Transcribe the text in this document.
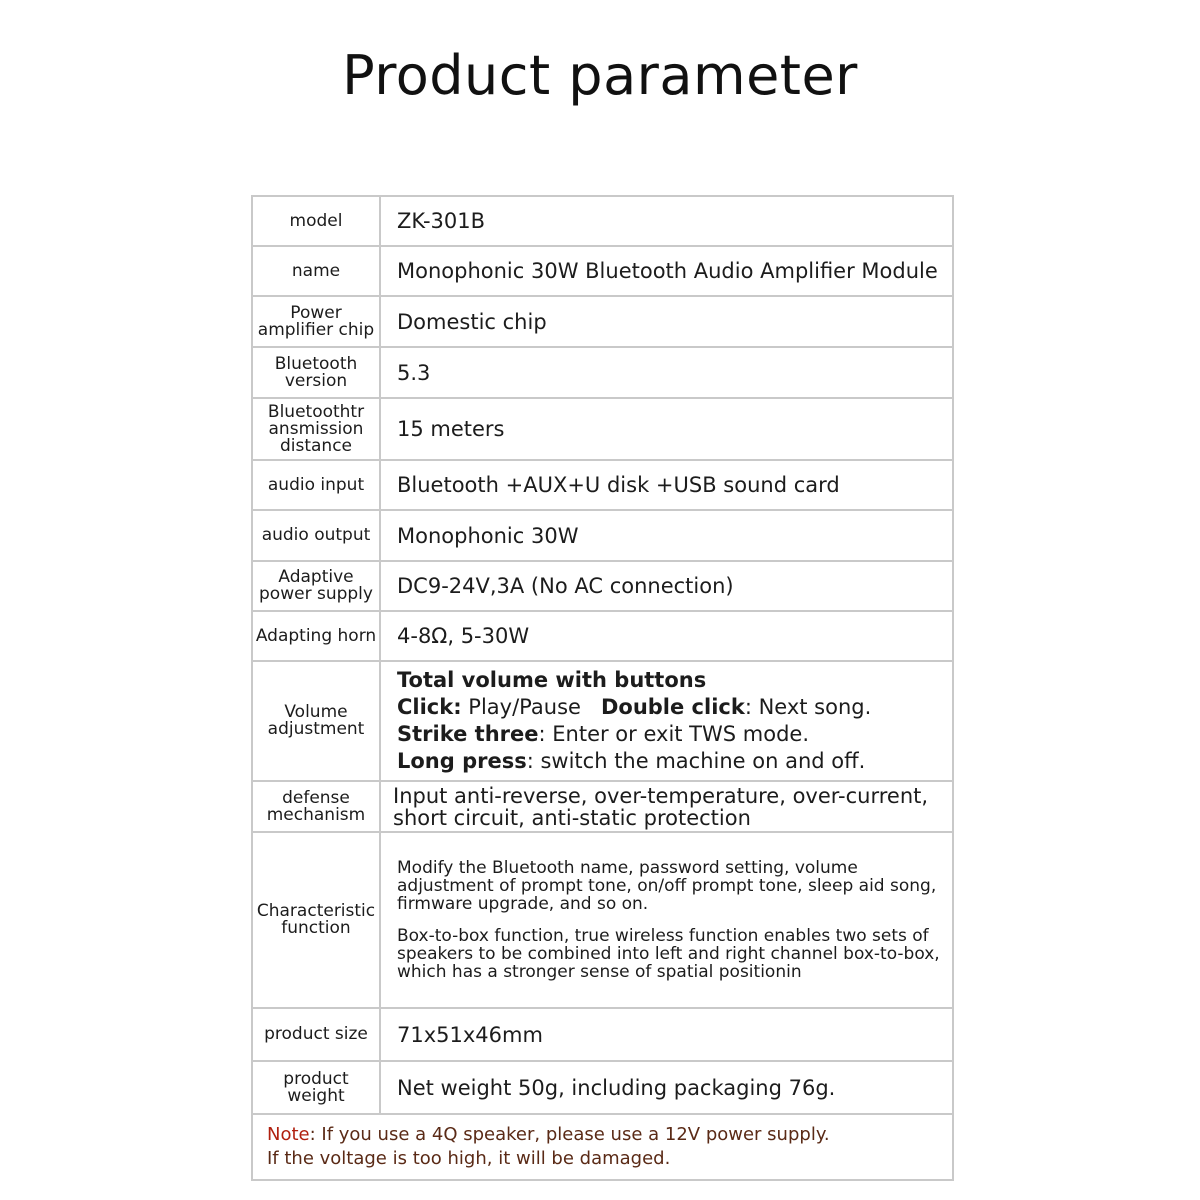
Product parameter
model	ZK-301B
name	Monophonic 30W Bluetooth Audio Amplifier Module
Power amplifier chip	Domestic chip
Bluetooth version	5.3
Bluetoothtr ansmission distance	15 meters
audio input	Bluetooth +AUX+U disk +USB sound card
audio output	Monophonic 30W
Adaptive power supply	DC9-24V,3A (No AC connection)
Adapting horn	4-8Ω, 5-30W
Volume adjustment	Total volume with buttons
Click: Play/Pause Double click: Next song.
Strike three: Enter or exit TWS mode.
Long press: switch the machine on and off.

defense mechanism	Input anti-reverse, over-temperature, over-current, short circuit, anti-static protection
Characteristic function	Modify the Bluetooth name, password setting, volume adjustment of prompt tone, on/off prompt tone, sleep aid song, firmware upgrade, and so on.
Box-to-box function, true wireless function enables two sets of speakers to be combined into left and right channel box-to-box, which has a stronger sense of spatial positionin

product size	71x51x46mm
product weight	Net weight 50g, including packaging 76g.

Note: If you use a 4Q speaker, please use a 12V power supply.
If the voltage is too high, it will be damaged.	
